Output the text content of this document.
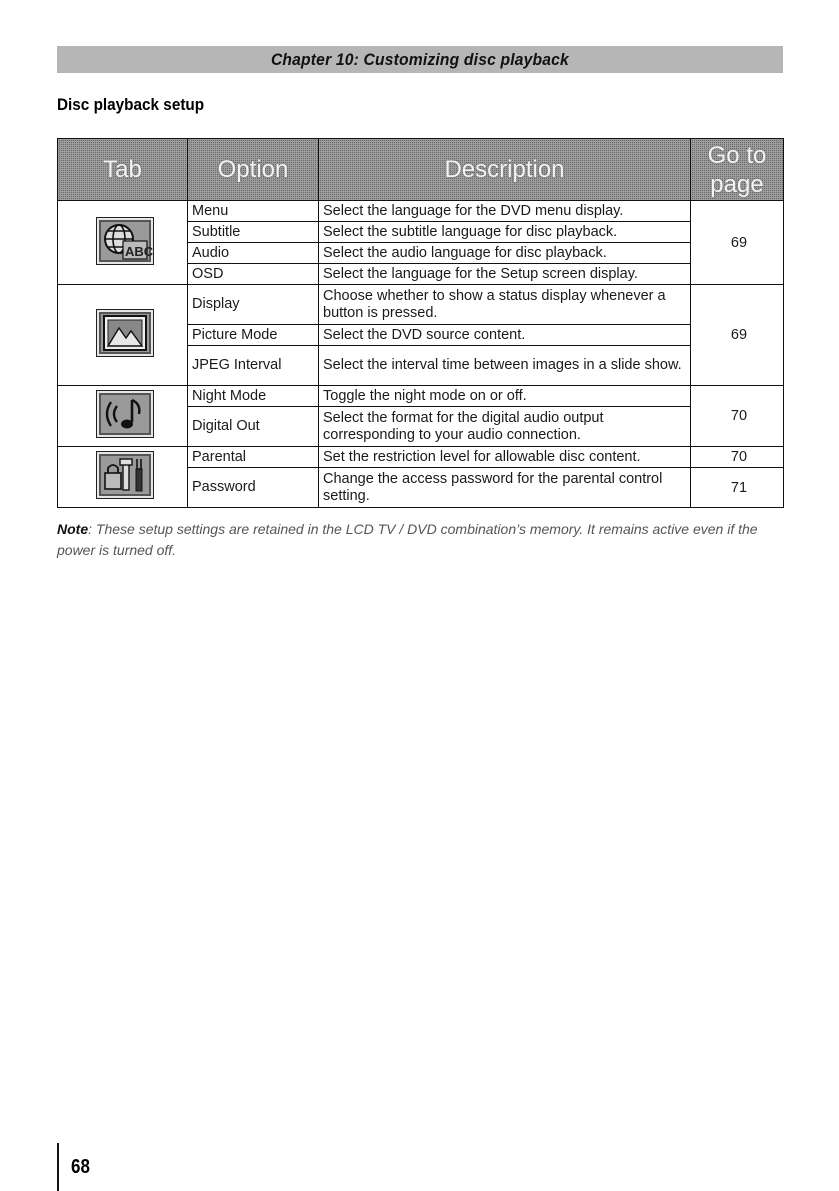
Chapter 10: Customizing disc playback
Disc playback setup
Tab	Option	Description	Go to page

ABC	Menu	Select the language for the DVD menu display.	69
	Subtitle	Select the subtitle language for disc playback.	
	Audio	Select the audio language for disc playback.	
	OSD	Select the language for the Setup screen display.	

	Display	Choose whether to show a status display whenever a button is pressed.	69
	Picture Mode	Select the DVD source content.	
	JPEG Interval	Select the interval time between images in a slide show.	

	Night Mode	Toggle the night mode on or off.	70
	Digital Out	Select the format for the digital audio output corresponding to your audio connection.	

	Parental	Set the restriction level for allowable disc content.	70
	Password	Change the access password for the parental control setting.	71

Note: These setup settings are retained in the LCD TV / DVD combination’s memory. It remains active even if the power is turned off.

68
